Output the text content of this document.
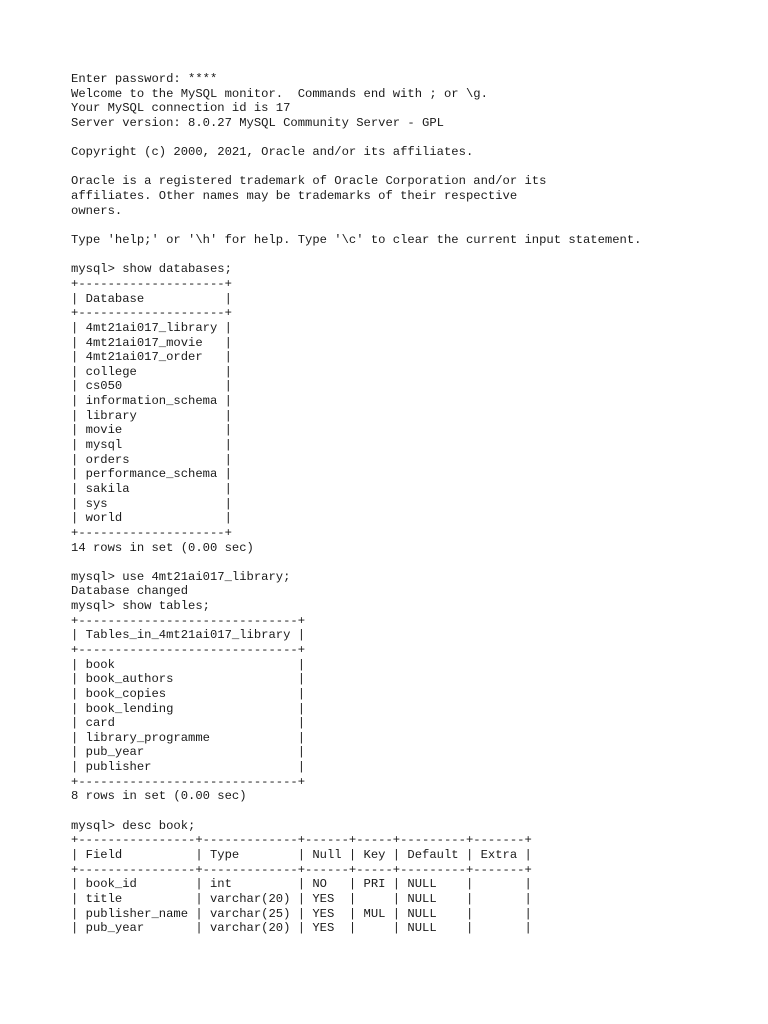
Enter password: ****
Welcome to the MySQL monitor.  Commands end with ; or \g.
Your MySQL connection id is 17
Server version: 8.0.27 MySQL Community Server - GPL
Copyright (c) 2000, 2021, Oracle and/or its affiliates.
Oracle is a registered trademark of Oracle Corporation and/or its
affiliates. Other names may be trademarks of their respective
owners.
Type 'help;' or '\h' for help. Type '\c' to clear the current input statement.
mysql> show databases;
+--------------------+
| Database           |
+--------------------+
| 4mt21ai017_library |
| 4mt21ai017_movie   |
| 4mt21ai017_order   |
| college            |
| cs050              |
| information_schema |
| library            |
| movie              |
| mysql              |
| orders             |
| performance_schema |
| sakila             |
| sys                |
| world              |
+--------------------+
14 rows in set (0.00 sec)
mysql> use 4mt21ai017_library;
Database changed
mysql> show tables;
+------------------------------+
| Tables_in_4mt21ai017_library |
+------------------------------+
| book                         |
| book_authors                 |
| book_copies                  |
| book_lending                 |
| card                         |
| library_programme            |
| pub_year                     |
| publisher                    |
+------------------------------+
8 rows in set (0.00 sec)
mysql> desc book;
+----------------+-------------+------+-----+---------+-------+
| Field          | Type        | Null | Key | Default | Extra |
+----------------+-------------+------+-----+---------+-------+
| book_id        | int         | NO   | PRI | NULL    |       |
| title          | varchar(20) | YES  |     | NULL    |       |
| publisher_name | varchar(25) | YES  | MUL | NULL    |       |
| pub_year       | varchar(20) | YES  |     | NULL    |       |
